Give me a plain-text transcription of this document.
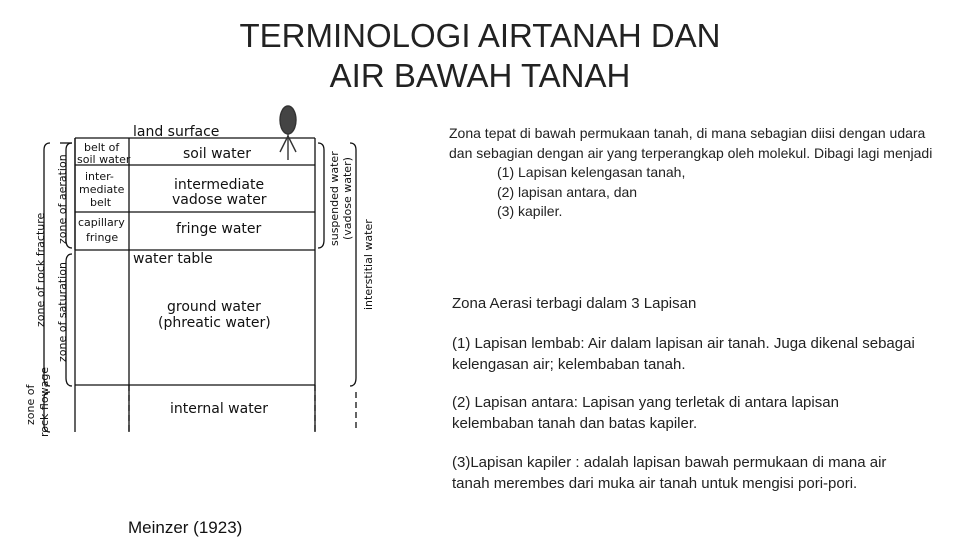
TERMINOLOGI AIRTANAH DAN
AIR BAWAH TANAH
land surface
soil water
intermediate
vadose water
fringe water
water table
ground water
(phreatic water)
internal water
belt of
soil water
inter-
mediate
belt
capillary
fringe
zone of aeration
zone of saturation
zone of rock fracture
zone of rock flowage
suspended water (vadose water)
interstitial water
Meinzer (1923)
Zona tepat di bawah permukaan tanah, di mana sebagian diisi dengan udara dan sebagian dengan air yang terperangkap oleh molekul. Dibagi lagi menjadi
(1) Lapisan kelengasan tanah,
(2) lapisan antara, dan
(3) kapiler.
Zona Aerasi terbagi dalam 3 Lapisan
(1) Lapisan lembab: Air dalam lapisan air tanah. Juga dikenal sebagai kelengasan air; kelembaban tanah.
(2) Lapisan antara: Lapisan yang terletak di antara lapisan kelembaban tanah dan batas kapiler.
(3)Lapisan kapiler : adalah lapisan bawah permukaan di mana air tanah merembes dari muka air tanah untuk mengisi pori-pori.
